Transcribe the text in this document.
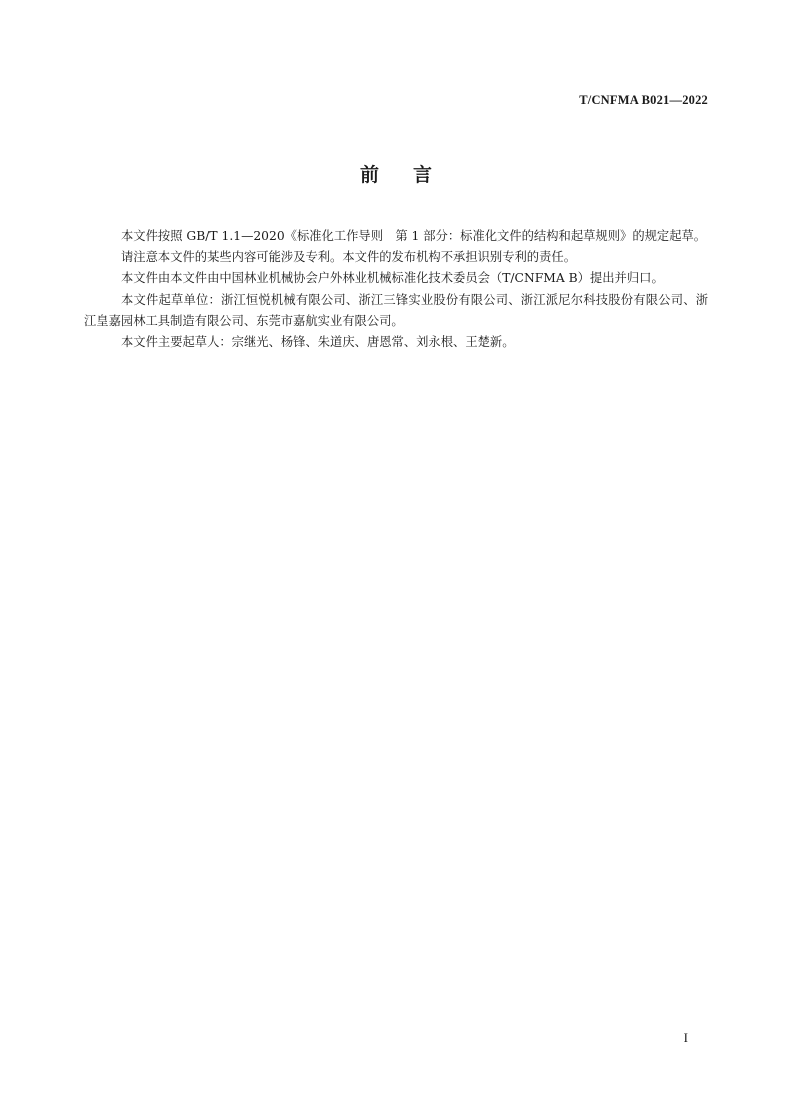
T/CNFMA B021—2022
前言

本文件按照 GB/T 1.1—2020《标准化工作导则　第 1 部分：标准化文件的结构和起草规则》的规定起草。

请注意本文件的某些内容可能涉及专利。本文件的发布机构不承担识别专利的责任。

本文件由本文件由中国林业机械协会户外林业机械标准化技术委员会（T/CNFMA B）提出并归口。

本文件起草单位：浙江恒悦机械有限公司、浙江三锋实业股份有限公司、浙江派尼尔科技股份有限公司、浙江皇嘉园林工具制造有限公司、东莞市嘉航实业有限公司。

本文件主要起草人：宗继光、杨锋、朱道庆、唐恩常、刘永根、王楚新。

I
